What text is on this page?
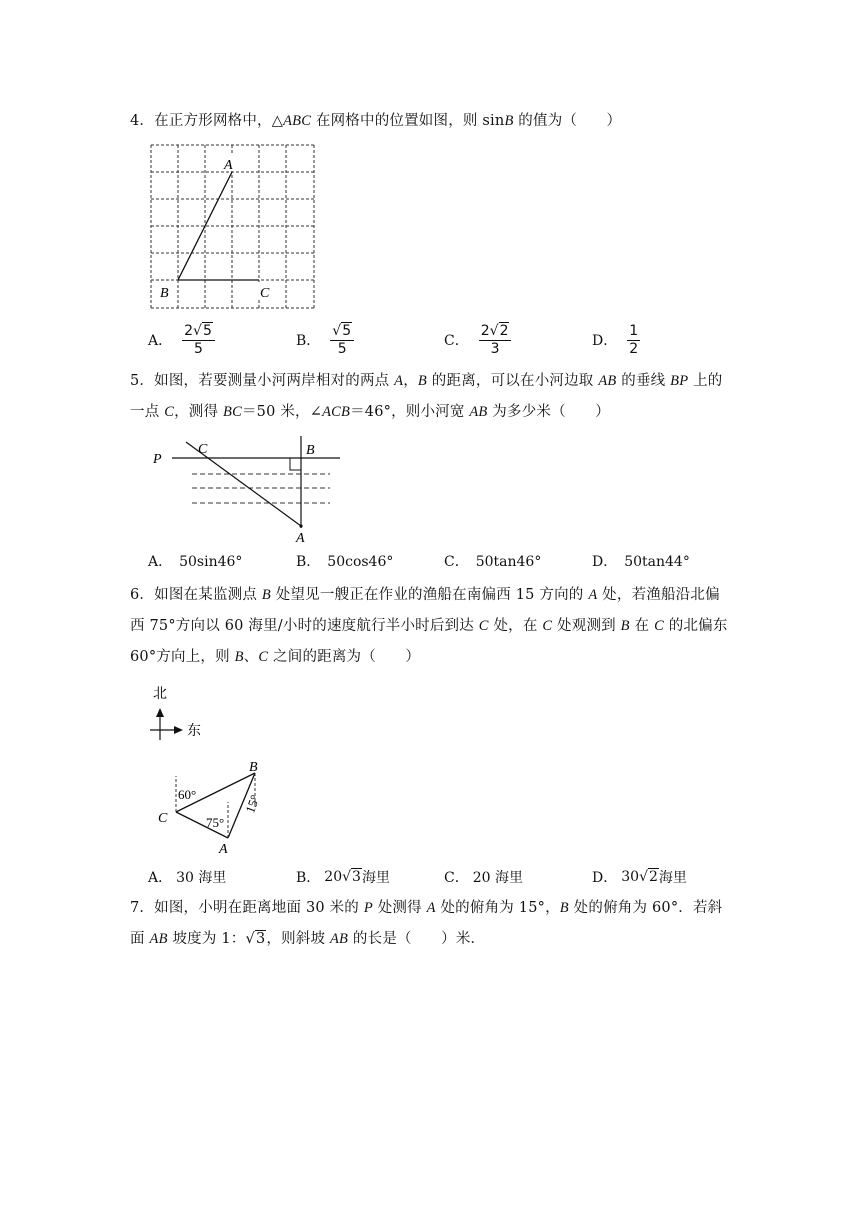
4．在正方形网格中，△ABC 在网格中的位置如图，则 sinB 的值为（　　）

A
B	C
A． $\frac{2√5}{5}$	B． $\frac{√5}{5}$	C． $\frac{2√2}{3}$	D． $\frac{1}{2}$

5．如图，若要测量小河两岸相对的两点 A，B 的距离，可以在小河边取 AB 的垂线 BP 上的

一点 C，测得 BC＝50 米，∠ACB＝46°，则小河宽 AB 为多少米（　　）

P
C	B
A
A．　50sin46°	B．　50cos46°	C．　50tan46°	D．　50tan44°

6．如图在某监测点 B 处望见一艘正在作业的渔船在南偏西 15 方向的 A 处，若渔船沿北偏

西 75°方向以 60 海里/小时的速度航行半小时后到达 C 处，在 C 处观测到 B 在 C 的北偏东

60°方向上，则 B、C 之间的距离为（　　）

北
东
B
C
A
60°
75°
15°
A． 30 海里	B． 20 √3 海里	C． 20 海里	D． 30 √2 海里

7．如图，小明在距离地面 30 米的 P 处测得 A 处的俯角为 15°，B 处的俯角为 60°．若斜

面 AB 坡度为 1：√3，则斜坡 AB 的长是（　　）米．
